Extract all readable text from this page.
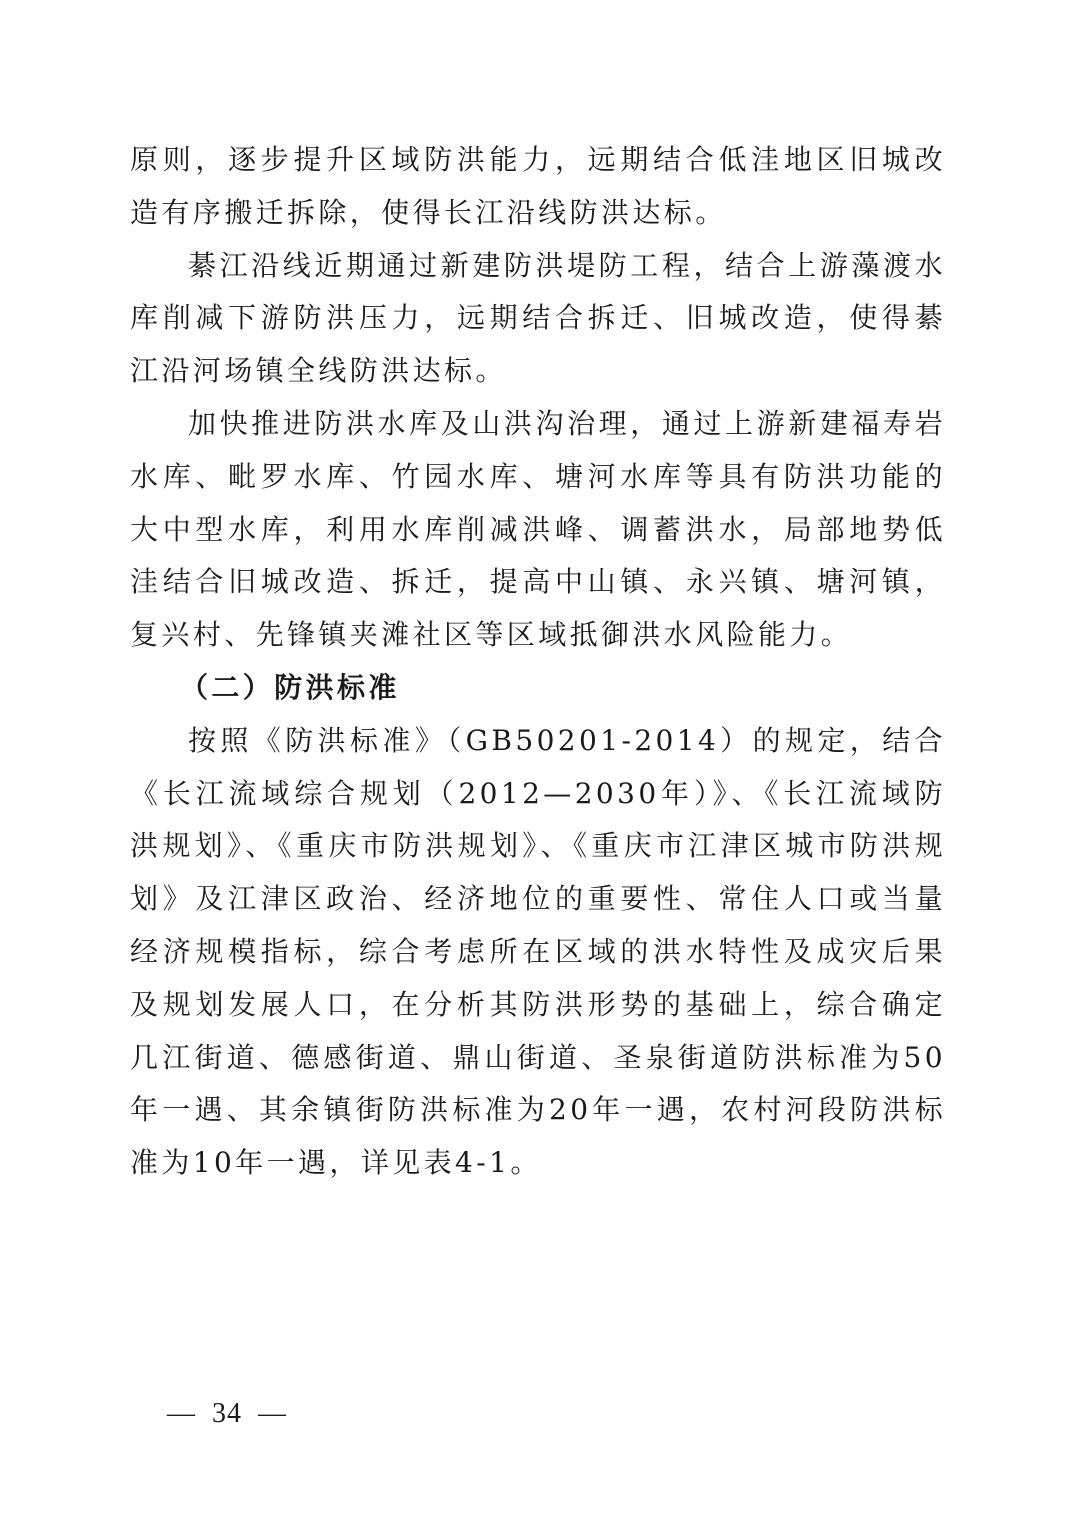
原则，逐步提升区域防洪能力，远期结合低洼地区旧城改造有序搬迁拆除，使得长江沿线防洪达标。

綦江沿线近期通过新建防洪堤防工程，结合上游藻渡水库削减下游防洪压力，远期结合拆迁、旧城改造，使得綦江沿河场镇全线防洪达标。

加快推进防洪水库及山洪沟治理，通过上游新建福寿岩水库、毗罗水库、竹园水库、塘河水库等具有防洪功能的大中型水库，利用水库削减洪峰、调蓄洪水，局部地势低洼结合旧城改造、拆迁，提高中山镇、永兴镇、塘河镇，复兴村、先锋镇夹滩社区等区域抵御洪水风险能力。

（二）防洪标准

按照《防洪标准》（GB50201-2014）的规定，结合《长江流域综合规划（2012—2030年）》、《长江流域防洪规划》、《重庆市防洪规划》、《重庆市江津区城市防洪规划》及江津区政治、经济地位的重要性、常住人口或当量经济规模指标，综合考虑所在区域的洪水特性及成灾后果及规划发展人口，在分析其防洪形势的基础上，综合确定几江街道、德感街道、鼎山街道、圣泉街道防洪标准为50年一遇、其余镇街防洪标准为20年一遇，农村河段防洪标准为10年一遇，详见表4-1。

—  34  —
